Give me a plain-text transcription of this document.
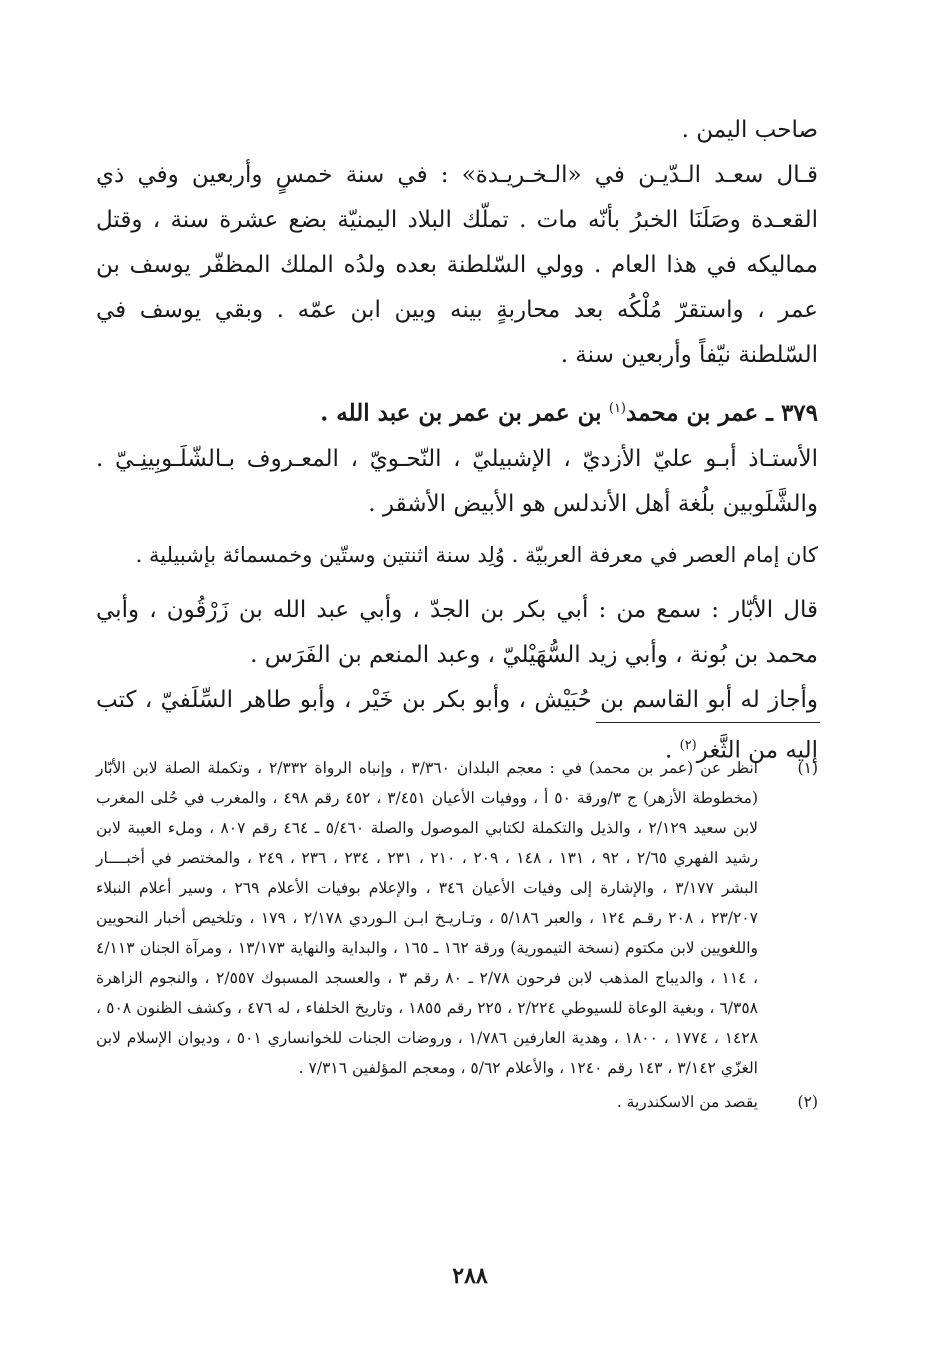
صاحب اليمن .

قـال سعـد الـدّيـن في «الـخـريـدة» : في سنة خمسٍ وأربعين وفي ذي القعـدة وصَلَنَا الخبرُ بأنّه مات . تملّك البلاد اليمنيّة بضع عشرة سنة ، وقتل مماليكه في هذا العام . وولي السّلطنة بعده ولدُه الملك المظفّر يوسف بن عمر ، واستقرّ مُلْكُه بعد محاربةٍ بينه وبين ابن عمّه . وبقي يوسف في السّلطنة نيّفاً وأربعين سنة .

٣٧٩ ـ عمر بن محمد$^{(١)}$ بن عمر بن عمر بن عبد الله .

الأستـاذ أبـو عليّ الأزديّ ، الإشبيليّ ، النّحـويّ ، المعـروف بـالشّلَـوبِينِـيّ . والشَّلَوبين بلُغة أهل الأندلس هو الأبيض الأشقر .

كان إمام العصر في معرفة العربيّة . وُلِد سنة اثنتين وستّين وخمسمائة بإشبيلية .

قال الأبّار : سمع من : أبي بكر بن الجدّ ، وأبي عبد الله بن زَرْقُون ، وأبي محمد بن بُونة ، وأبي زيد السُّهَيْليّ ، وعبد المنعم بن الفَرَس .

وأجاز له أبو القاسم بن حُبَيْش ، وأبو بكر بن خَيْر ، وأبو طاهر السِّلَفيّ ، كتب إليه من الثَّغر$^{(٢)}$ .

(١)
انظر عن (عمر بن محمد) في : معجم البلدان ٣/٣٦٠ ، وإنباه الرواة ٢/٣٣٢ ، وتكملة الصلة لابن الأبّار (مخطوطة الأزهر) ج ٣/ورقة ٥٠ أ ، ووفيات الأعيان ٣/٤٥١ ، ٤٥٢ رقم ٤٩٨ ، والمغرب في حُلى المغرب لابن سعيد ٢/١٢٩ ، والذيل والتكملة لكتابي الموصول والصلة ٥/٤٦٠ ـ ٤٦٤ رقم ٨٠٧ ، وملء العيبة لابن رشيد الفهري ٢/٦٥ ، ٩٢ ، ١٣١ ، ١٤٨ ، ٢٠٩ ، ٢١٠ ، ٢٣١ ، ٢٣٤ ، ٢٣٦ ، ٢٤٩ ، والمختصر في أخبــــار البشر ٣/١٧٧ ، والإشارة إلى وفيات الأعيان ٣٤٦ ، والإعلام بوفيات الأعلام ٢٦٩ ، وسير أعلام النبلاء ٢٣/٢٠٧ ، ٢٠٨ رقـم ١٢٤ ، والعبر ٥/١٨٦ ، وتـاريـخ ابـن الـوردي ٢/١٧٨ ، ١٧٩ ، وتلخيص أخبار النحويين واللغويين لابن مكتوم (نسخة التيمورية) ورقة ١٦٢ ـ ١٦٥ ، والبداية والنهاية ١٣/١٧٣ ، ومرآة الجنان ٤/١١٣ ، ١١٤ ، والديباج المذهب لابن فرحون ٢/٧٨ ـ ٨٠ رقم ٣ ، والعسجد المسبوك ٢/٥٥٧ ، والنجوم الزاهرة ٦/٣٥٨ ، وبغية الوعاة للسيوطي ٢/٢٢٤ ، ٢٢٥ رقم ١٨٥٥ ، وتاريخ الخلفاء ، له ٤٧٦ ، وكشف الظنون ٥٠٨ ، ١٤٢٨ ، ١٧٧٤ ، ١٨٠٠ ، وهدية العارفين ١/٧٨٦ ، وروضات الجنات للخوانساري ٥٠١ ، وديوان الإسلام لابن الغزّي ٣/١٤٢ ، ١٤٣ رقم ١٢٤٠ ، والأعلام ٥/٦٢ ، ومعجم المؤلفين ٧/٣١٦ .
(٢)
يقصد من الاسكندرية .
٢٨٨
